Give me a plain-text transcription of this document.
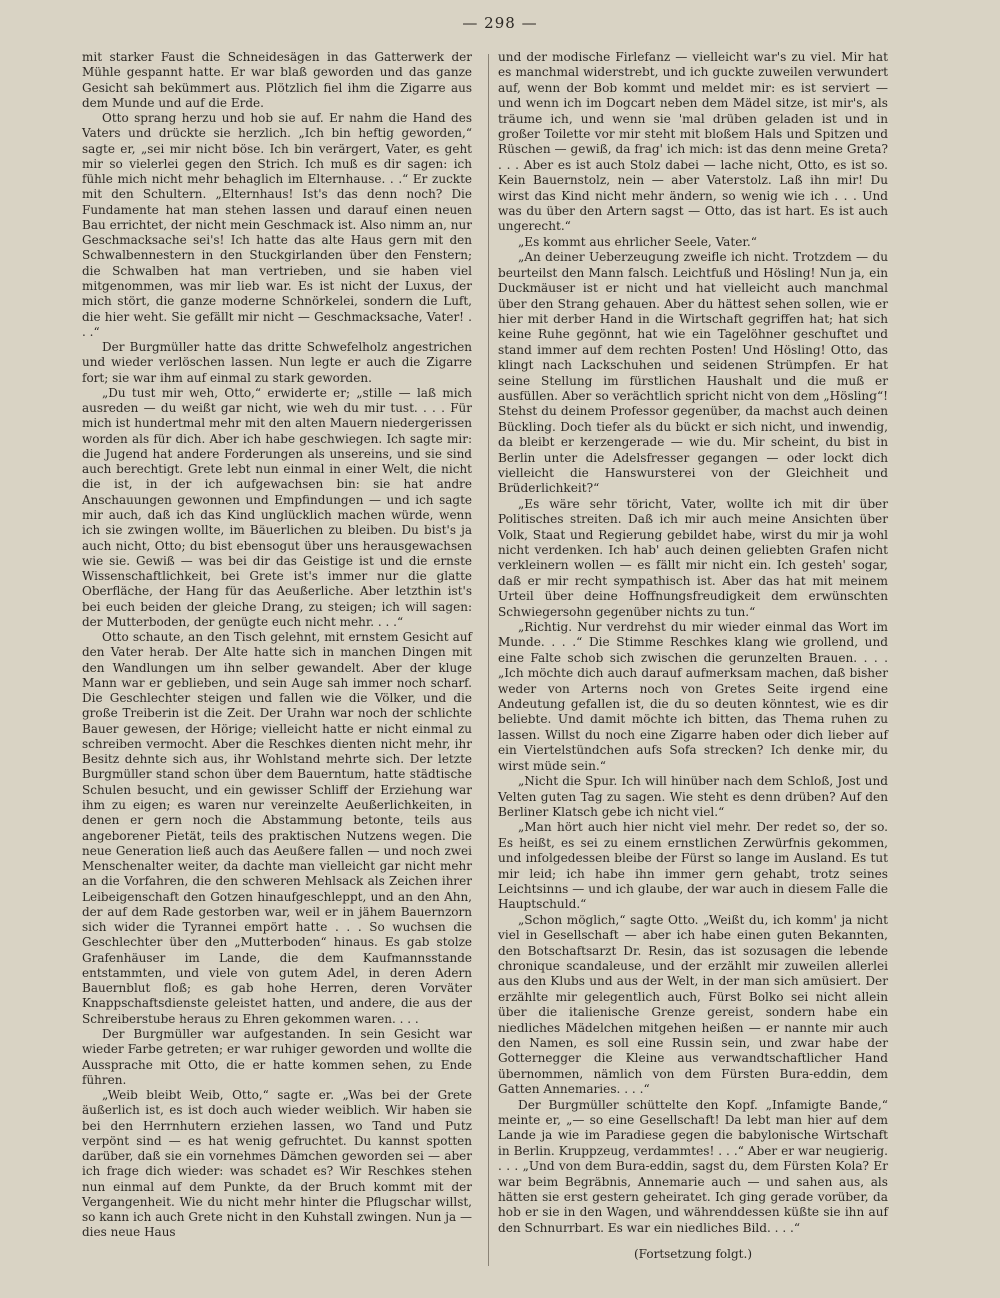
— 298 —

mit starker Faust die Schneidesägen in das Gatterwerk der Mühle gespannt hatte. Er war blaß geworden und das ganze Gesicht sah bekümmert aus. Plötzlich fiel ihm die Zigarre aus dem Munde und auf die Erde.

Otto sprang herzu und hob sie auf. Er nahm die Hand des Vaters und drückte sie herzlich. „Ich bin heftig geworden,“ sagte er, „sei mir nicht böse. Ich bin verärgert, Vater, es geht mir so vielerlei gegen den Strich. Ich muß es dir sagen: ich fühle mich nicht mehr behaglich im Elternhause. . .“ Er zuckte mit den Schultern. „Elternhaus! Ist's das denn noch? Die Fundamente hat man stehen lassen und darauf einen neuen Bau errichtet, der nicht mein Geschmack ist. Also nimm an, nur Geschmacksache sei's! Ich hatte das alte Haus gern mit den Schwalbennestern in den Stuckgirlanden über den Fenstern; die Schwalben hat man vertrieben, und sie haben viel mitgenommen, was mir lieb war. Es ist nicht der Luxus, der mich stört, die ganze moderne Schnörkelei, sondern die Luft, die hier weht. Sie gefällt mir nicht — Geschmacksache, Vater! . . .“

Der Burgmüller hatte das dritte Schwefelholz angestrichen und wieder verlöschen lassen. Nun legte er auch die Zigarre fort; sie war ihm auf einmal zu stark geworden.

„Du tust mir weh, Otto,“ erwiderte er; „stille — laß mich ausreden — du weißt gar nicht, wie weh du mir tust. . . . Für mich ist hundertmal mehr mit den alten Mauern niedergerissen worden als für dich. Aber ich habe geschwiegen. Ich sagte mir: die Jugend hat andere Forderungen als unsereins, und sie sind auch berechtigt. Grete lebt nun einmal in einer Welt, die nicht die ist, in der ich aufgewachsen bin: sie hat andre Anschauungen gewonnen und Empfindungen — und ich sagte mir auch, daß ich das Kind unglücklich machen würde, wenn ich sie zwingen wollte, im Bäuerlichen zu bleiben. Du bist's ja auch nicht, Otto; du bist ebensogut über uns herausgewachsen wie sie. Gewiß — was bei dir das Geistige ist und die ernste Wissenschaftlichkeit, bei Grete ist's immer nur die glatte Oberfläche, der Hang für das Aeußerliche. Aber letzthin ist's bei euch beiden der gleiche Drang, zu steigen; ich will sagen: der Mutterboden, der genügte euch nicht mehr. . . .“

Otto schaute, an den Tisch gelehnt, mit ernstem Gesicht auf den Vater herab. Der Alte hatte sich in manchen Dingen mit den Wandlungen um ihn selber gewandelt. Aber der kluge Mann war er geblieben, und sein Auge sah immer noch scharf. Die Geschlechter steigen und fallen wie die Völker, und die große Treiberin ist die Zeit. Der Urahn war noch der schlichte Bauer gewesen, der Hörige; vielleicht hatte er nicht einmal zu schreiben vermocht. Aber die Reschkes dienten nicht mehr, ihr Besitz dehnte sich aus, ihr Wohlstand mehrte sich. Der letzte Burgmüller stand schon über dem Bauerntum, hatte städtische Schulen besucht, und ein gewisser Schliff der Erziehung war ihm zu eigen; es waren nur vereinzelte Aeußerlichkeiten, in denen er gern noch die Abstammung betonte, teils aus angeborener Pietät, teils des praktischen Nutzens wegen. Die neue Generation ließ auch das Aeußere fallen — und noch zwei Menschenalter weiter, da dachte man vielleicht gar nicht mehr an die Vorfahren, die den schweren Mehlsack als Zeichen ihrer Leibeigenschaft den Gotzen hinaufgeschleppt, und an den Ahn, der auf dem Rade gestorben war, weil er in jähem Bauernzorn sich wider die Tyrannei empört hatte . . . So wuchsen die Geschlechter über den „Mutterboden“ hinaus. Es gab stolze Grafenhäuser im Lande, die dem Kaufmannsstande entstammten, und viele von gutem Adel, in deren Adern Bauernblut floß; es gab hohe Herren, deren Vorväter Knappschaftsdienste geleistet hatten, und andere, die aus der Schreiberstube heraus zu Ehren gekommen waren. . . .

Der Burgmüller war aufgestanden. In sein Gesicht war wieder Farbe getreten; er war ruhiger geworden und wollte die Aussprache mit Otto, die er hatte kommen sehen, zu Ende führen.

„Weib bleibt Weib, Otto,“ sagte er. „Was bei der Grete äußerlich ist, es ist doch auch wieder weiblich. Wir haben sie bei den Herrnhutern erziehen lassen, wo Tand und Putz verpönt sind — es hat wenig gefruchtet. Du kannst spotten darüber, daß sie ein vornehmes Dämchen geworden sei — aber ich frage dich wieder: was schadet es? Wir Reschkes stehen nun einmal auf dem Punkte, da der Bruch kommt mit der Vergangenheit. Wie du nicht mehr hinter die Pflugschar willst, so kann ich auch Grete nicht in den Kuhstall zwingen. Nun ja — dies neue Haus

und der modische Firlefanz — vielleicht war's zu viel. Mir hat es manchmal widerstrebt, und ich guckte zuweilen verwundert auf, wenn der Bob kommt und meldet mir: es ist serviert — und wenn ich im Dogcart neben dem Mädel sitze, ist mir's, als träume ich, und wenn sie 'mal drüben geladen ist und in großer Toilette vor mir steht mit bloßem Hals und Spitzen und Rüschen — gewiß, da frag' ich mich: ist das denn meine Greta? . . . Aber es ist auch Stolz dabei — lache nicht, Otto, es ist so. Kein Bauernstolz, nein — aber Vaterstolz. Laß ihn mir! Du wirst das Kind nicht mehr ändern, so wenig wie ich . . . Und was du über den Artern sagst — Otto, das ist hart. Es ist auch ungerecht.“

„Es kommt aus ehrlicher Seele, Vater.“

„An deiner Ueberzeugung zweifle ich nicht. Trotzdem — du beurteilst den Mann falsch. Leichtfuß und Hösling! Nun ja, ein Duckmäuser ist er nicht und hat vielleicht auch manchmal über den Strang gehauen. Aber du hättest sehen sollen, wie er hier mit derber Hand in die Wirtschaft gegriffen hat; hat sich keine Ruhe gegönnt, hat wie ein Tagelöhner geschuftet und stand immer auf dem rechten Posten! Und Hösling! Otto, das klingt nach Lackschuhen und seidenen Strümpfen. Er hat seine Stellung im fürstlichen Haushalt und die muß er ausfüllen. Aber so verächtlich spricht nicht von dem „Hösling“! Stehst du deinem Professor gegenüber, da machst auch deinen Bückling. Doch tiefer als du bückt er sich nicht, und inwendig, da bleibt er kerzengerade — wie du. Mir scheint, du bist in Berlin unter die Adelsfresser gegangen — oder lockt dich vielleicht die Hanswursterei von der Gleichheit und Brüderlichkeit?“

„Es wäre sehr töricht, Vater, wollte ich mit dir über Politisches streiten. Daß ich mir auch meine Ansichten über Volk, Staat und Regierung gebildet habe, wirst du mir ja wohl nicht verdenken. Ich hab' auch deinen geliebten Grafen nicht verkleinern wollen — es fällt mir nicht ein. Ich gesteh' sogar, daß er mir recht sympathisch ist. Aber das hat mit meinem Urteil über deine Hoffnungsfreudigkeit dem erwünschten Schwiegersohn gegenüber nichts zu tun.“

„Richtig. Nur verdrehst du mir wieder einmal das Wort im Munde. . . .“ Die Stimme Reschkes klang wie grollend, und eine Falte schob sich zwischen die gerunzelten Brauen. . . . „Ich möchte dich auch darauf aufmerksam machen, daß bisher weder von Arterns noch von Gretes Seite irgend eine Andeutung gefallen ist, die du so deuten könntest, wie es dir beliebte. Und damit möchte ich bitten, das Thema ruhen zu lassen. Willst du noch eine Zigarre haben oder dich lieber auf ein Viertelstündchen aufs Sofa strecken? Ich denke mir, du wirst müde sein.“

„Nicht die Spur. Ich will hinüber nach dem Schloß, Jost und Velten guten Tag zu sagen. Wie steht es denn drüben? Auf den Berliner Klatsch gebe ich nicht viel.“

„Man hört auch hier nicht viel mehr. Der redet so, der so. Es heißt, es sei zu einem ernstlichen Zerwürfnis gekommen, und infolgedessen bleibe der Fürst so lange im Ausland. Es tut mir leid; ich habe ihn immer gern gehabt, trotz seines Leichtsinns — und ich glaube, der war auch in diesem Falle die Hauptschuld.“

„Schon möglich,“ sagte Otto. „Weißt du, ich komm' ja nicht viel in Gesellschaft — aber ich habe einen guten Bekannten, den Botschaftsarzt Dr. Resin, das ist sozusagen die lebende chronique scandaleuse, und der erzählt mir zuweilen allerlei aus den Klubs und aus der Welt, in der man sich amüsiert. Der erzählte mir gelegentlich auch, Fürst Bolko sei nicht allein über die italienische Grenze gereist, sondern habe ein niedliches Mädelchen mitgehen heißen — er nannte mir auch den Namen, es soll eine Russin sein, und zwar habe der Gotternegger die Kleine aus verwandtschaftlicher Hand übernommen, nämlich von dem Fürsten Bura-eddin, dem Gatten Annemaries. . . .“

Der Burgmüller schüttelte den Kopf. „Infamigte Bande,“ meinte er, „— so eine Gesellschaft! Da lebt man hier auf dem Lande ja wie im Paradiese gegen die babylonische Wirtschaft in Berlin. Kruppzeug, verdammtes! . . .“ Aber er war neugierig. . . . „Und von dem Bura-eddin, sagst du, dem Fürsten Kola? Er war beim Begräbnis, Annemarie auch — und sahen aus, als hätten sie erst gestern geheiratet. Ich ging gerade vorüber, da hob er sie in den Wagen, und währenddessen küßte sie ihn auf den Schnurrbart. Es war ein niedliches Bild. . . .“

(Fortsetzung folgt.)
